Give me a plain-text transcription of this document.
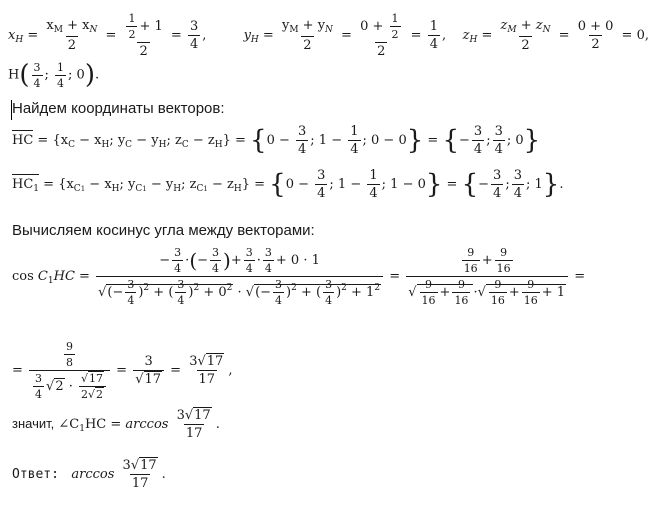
$x_Н = \frac{x_М + x_N}{2} = \frac{\frac{1}{2} + 1}{2} = \frac{3}{4}$ ,         $y_Н = \frac{y_М + y_N}{2} = \frac{0 + \frac{1}{2}}{2} = \frac{1}{4}$ ,    $z_Н = \frac{z_M + z_N}{2} = \frac{0 + 0}{2} = 0$,
$Н( \frac{3}{4}$ ; $\frac{1}{4}$ ; 0).
Найдем координаты векторов:
НС = {$x_С - x_Н$; $y_С - y_Н$; $z_С - z_Н\} = \{0 - \frac{3}{4}$ ; $1 - \frac{1}{4}$ ; 0 − 0} = {− $\frac{3}{4}$ ; $\frac{3}{4}$ ; 0}
$НС_1 = \{x_{С1} - x_Н$; $y_{С1} - y_Н$; $z_{С1} - z_Н\} = \{0 - \frac{3}{4}$ ; $1 - \frac{1}{4}$ ; 1 − 0} = {− $\frac{3}{4}$ ; $\frac{3}{4}$ ; 1}.
Вычисляем косинус угла между векторами:
$\cos C_1HC = \frac{- \frac{3}{4} \cdot(- \frac{3}{4} )+ \frac{3}{4} \cdot \frac{3}{4} + 0 \cdot 1}{√(- \frac{3}{4} )^2 + ( \frac{3}{4} )^2 + 0^2 \cdot √(- \frac{3}{4} )^2 + ( \frac{3}{4} )^2 + 1^2} = \frac{\frac{9}{16} + \frac{9}{16}}{√ \frac{9}{16} + \frac{9}{16} \cdot√ \frac{9}{16} + \frac{9}{16} + 1}$ =
= $\frac{\frac{9}{8}}{\frac{3}{4} √2 \cdot \frac{√17}{2√2}} = \frac{3}{√17} = \frac{3√17}{17}$ ,
значит, $\angle C_1HC = \arccos \frac{3√17}{17}$ .
Ответ: $\arccos \frac{3√17}{17}$ .
